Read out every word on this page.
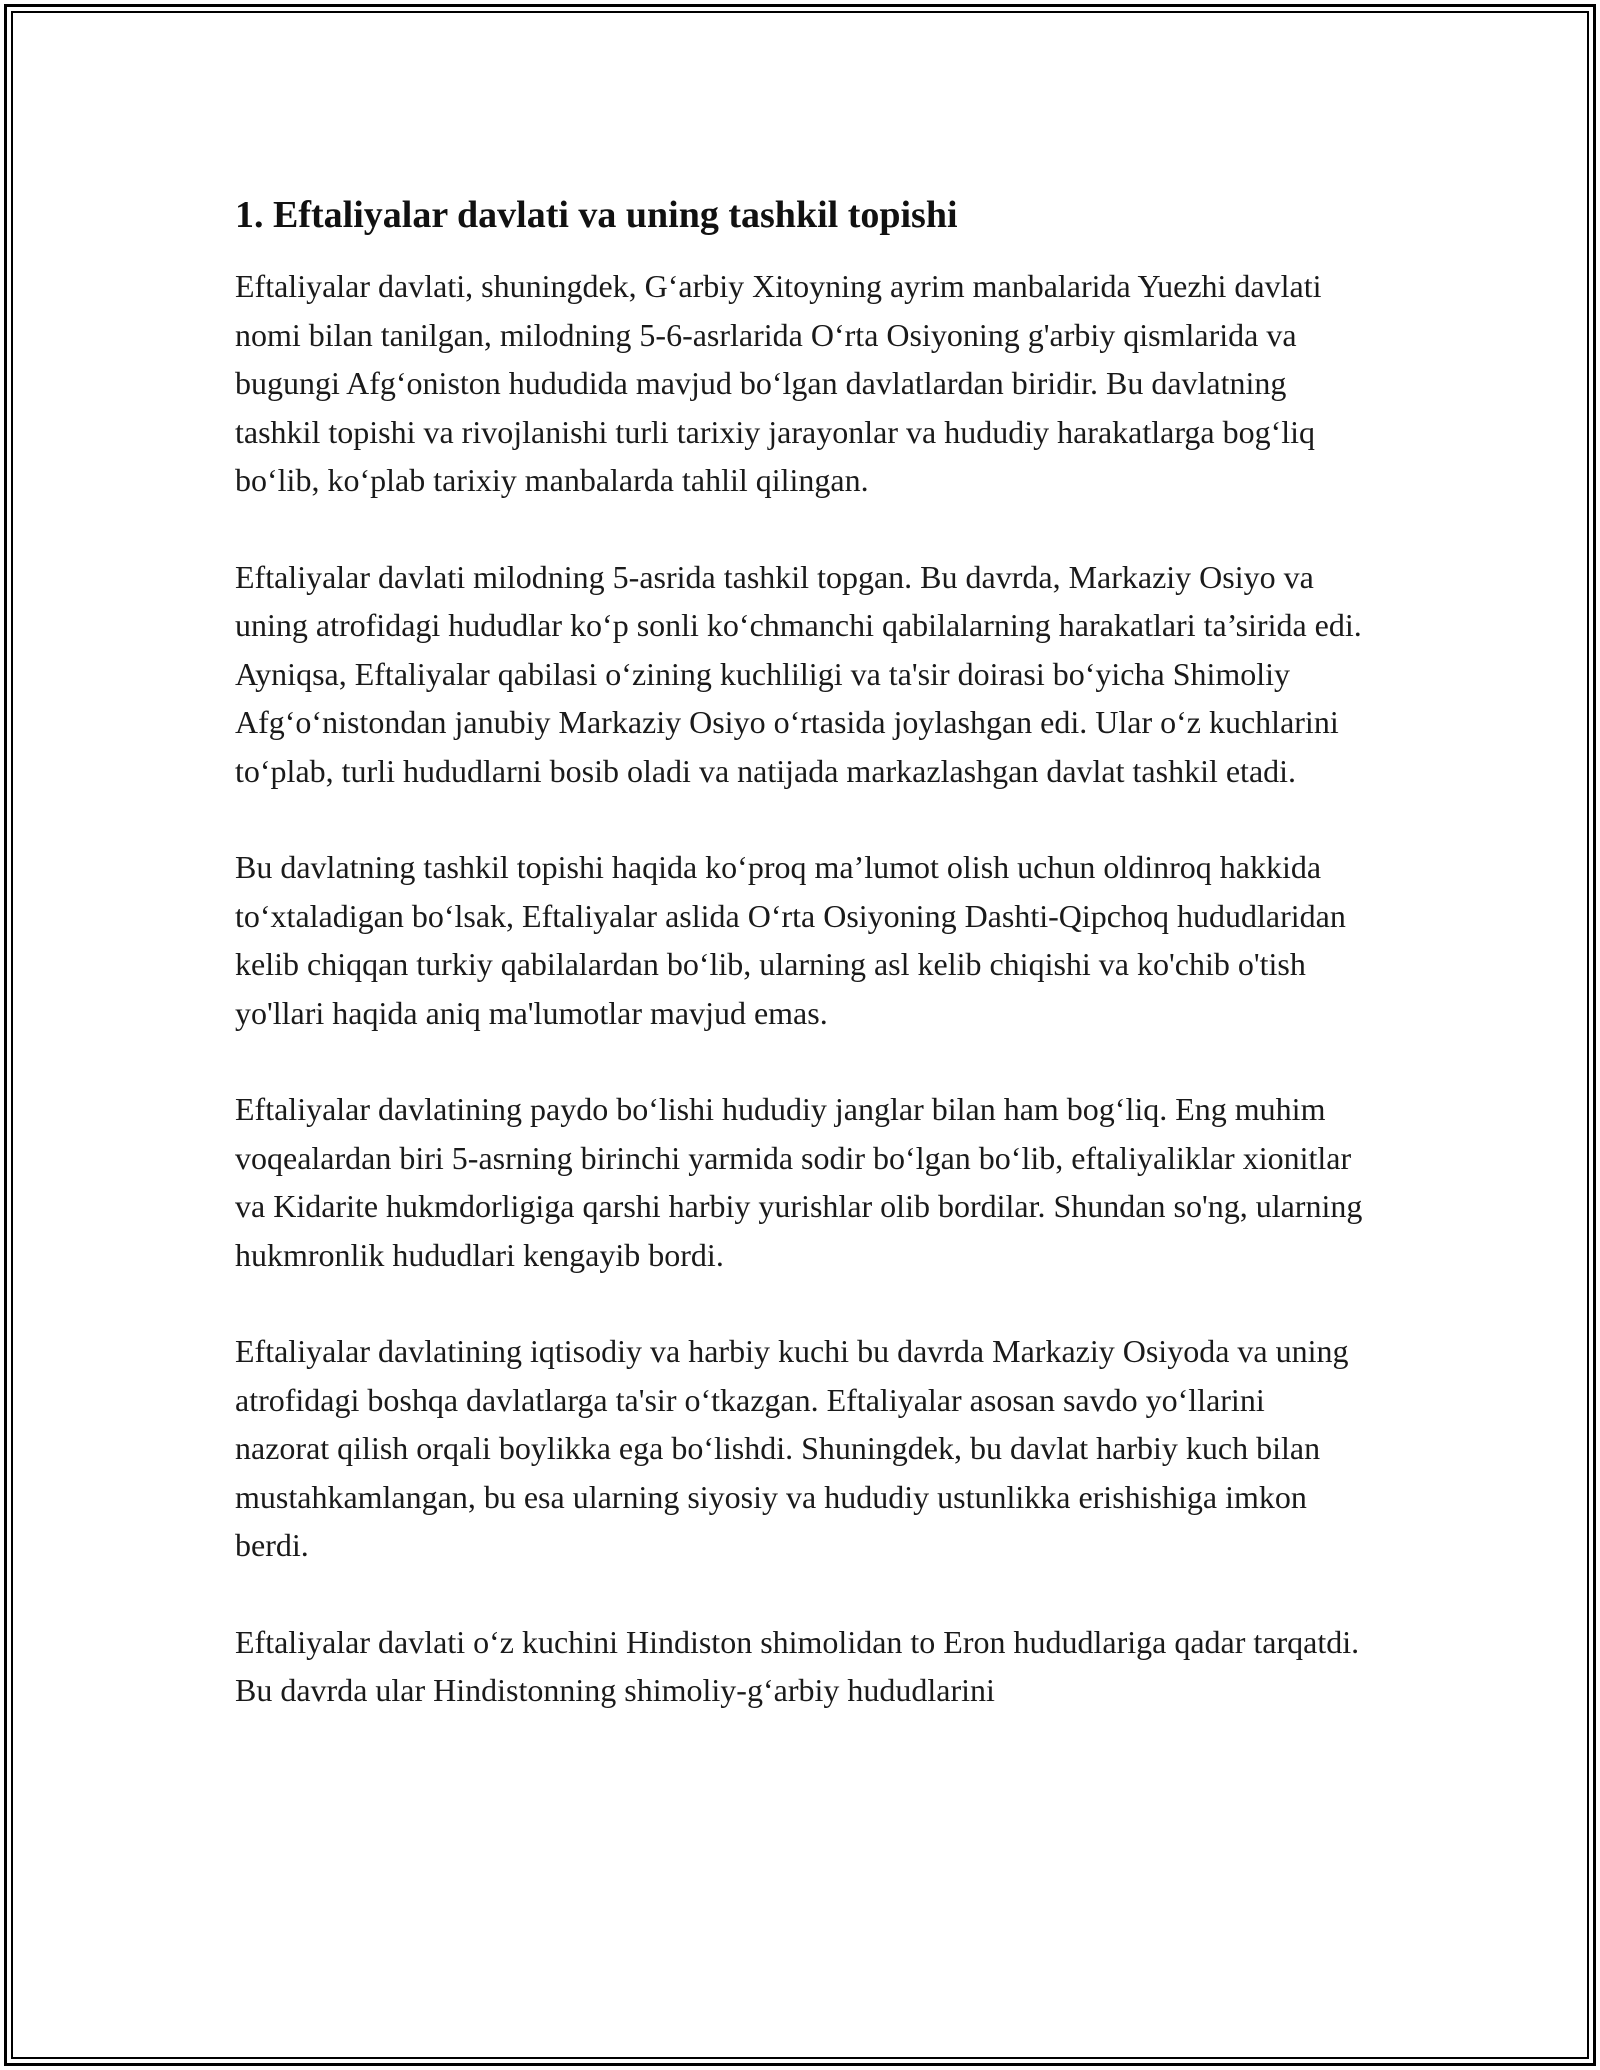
1. Eftaliyalar davlati va uning tashkil topishi

Eftaliyalar davlati, shuningdek, G‘arbiy Xitoyning ayrim manbalarida Yuezhi davlati nomi bilan tanilgan, milodning 5-6-asrlarida O‘rta Osiyoning g'arbiy qismlarida va bugungi Afg‘oniston hududida mavjud bo‘lgan davlatlardan biridir. Bu davlatning tashkil topishi va rivojlanishi turli tarixiy jarayonlar va hududiy harakatlarga bog‘liq bo‘lib, ko‘plab tarixiy manbalarda tahlil qilingan.

Eftaliyalar davlati milodning 5-asrida tashkil topgan. Bu davrda, Markaziy Osiyo va uning atrofidagi hududlar ko‘p sonli ko‘chmanchi qabilalarning harakatlari ta’sirida edi. Ayniqsa, Eftaliyalar qabilasi o‘zining kuchliligi va ta'sir doirasi bo‘yicha Shimoliy Afg‘o‘nistondan janubiy Markaziy Osiyo o‘rtasida joylashgan edi. Ular o‘z kuchlarini to‘plab, turli hududlarni bosib oladi va natijada markazlashgan davlat tashkil etadi.

Bu davlatning tashkil topishi haqida ko‘proq ma’lumot olish uchun oldinroq hakkida to‘xtaladigan bo‘lsak, Eftaliyalar aslida O‘rta Osiyoning Dashti-Qipchoq hududlaridan kelib chiqqan turkiy qabilalardan bo‘lib, ularning asl kelib chiqishi va ko'chib o'tish yo'llari haqida aniq ma'lumotlar mavjud emas.

Eftaliyalar davlatining paydo bo‘lishi hududiy janglar bilan ham bog‘liq. Eng muhim voqealardan biri 5-asrning birinchi yarmida sodir bo‘lgan bo‘lib, eftaliyaliklar xionitlar va Kidarite hukmdorligiga qarshi harbiy yurishlar olib bordilar. Shundan so'ng, ularning hukmronlik hududlari kengayib bordi.

Eftaliyalar davlatining iqtisodiy va harbiy kuchi bu davrda Markaziy Osiyoda va uning atrofidagi boshqa davlatlarga ta'sir o‘tkazgan. Eftaliyalar asosan savdo yo‘llarini nazorat qilish orqali boylikka ega bo‘lishdi. Shuningdek, bu davlat harbiy kuch bilan mustahkamlangan, bu esa ularning siyosiy va hududiy ustunlikka erishishiga imkon berdi.

Eftaliyalar davlati o‘z kuchini Hindiston shimolidan to Eron hududlariga qadar tarqatdi. Bu davrda ular Hindistonning shimoliy-g‘arbiy hududlarini
